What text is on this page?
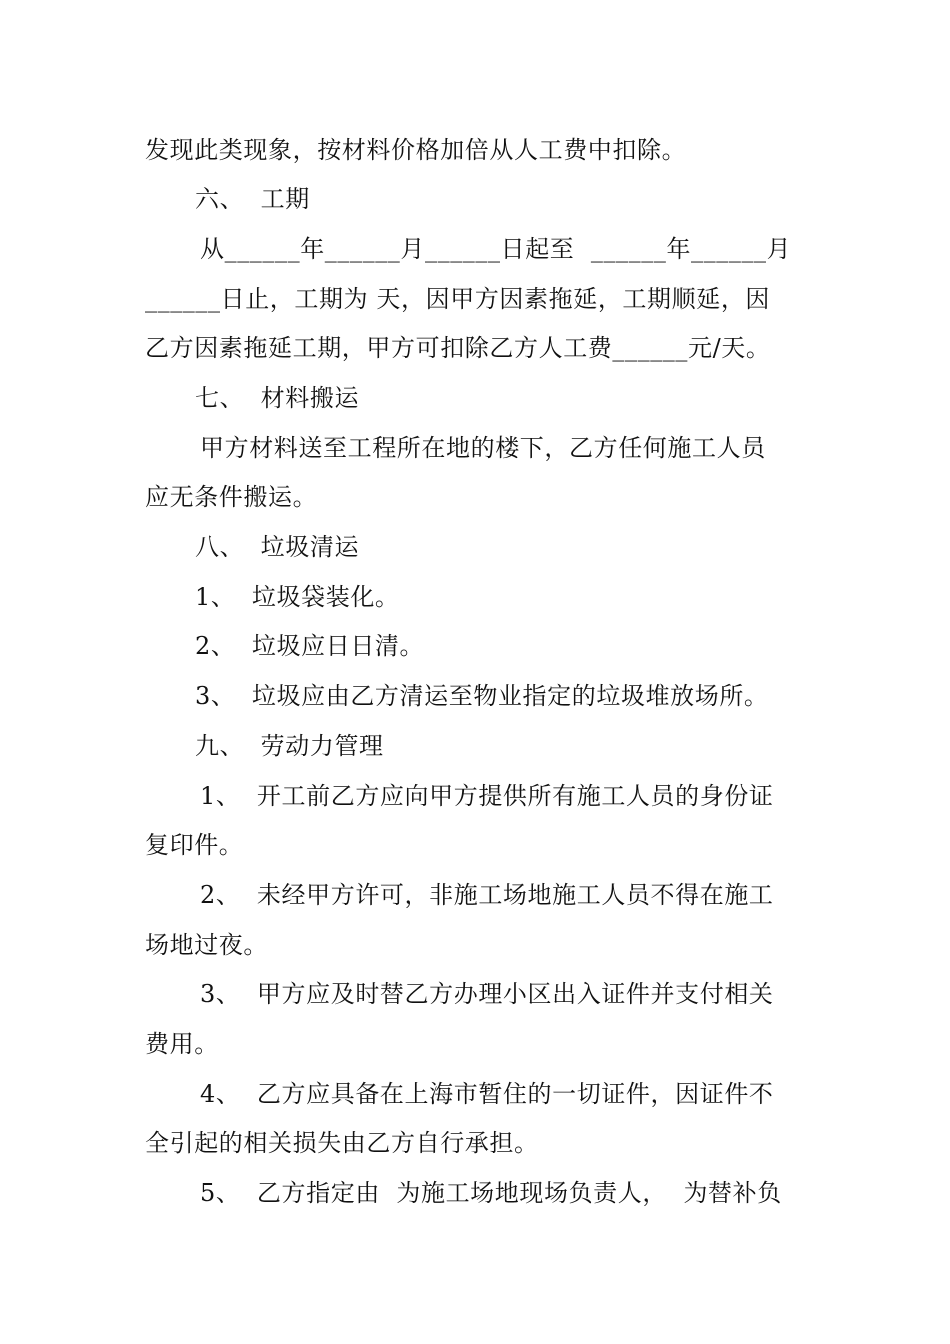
发现此类现象，按材料价格加倍从人工费中扣除。
六、  工期
从______年______月______日起至  ______年______月
______日止，工期为 天，因甲方因素拖延，工期顺延，因
乙方因素拖延工期，甲方可扣除乙方人工费______元/天。
七、  材料搬运
甲方材料送至工程所在地的楼下，乙方任何施工人员
应无条件搬运。
八、  垃圾清运
1、  垃圾袋装化。
2、  垃圾应日日清。
3、  垃圾应由乙方清运至物业指定的垃圾堆放场所。
九、  劳动力管理
1、  开工前乙方应向甲方提供所有施工人员的身份证
复印件。
2、  未经甲方许可，非施工场地施工人员不得在施工
场地过夜。
3、  甲方应及时替乙方办理小区出入证件并支付相关
费用。
4、  乙方应具备在上海市暂住的一切证件，因证件不
全引起的相关损失由乙方自行承担。
5、  乙方指定由  为施工场地现场负责人，  为替补负
